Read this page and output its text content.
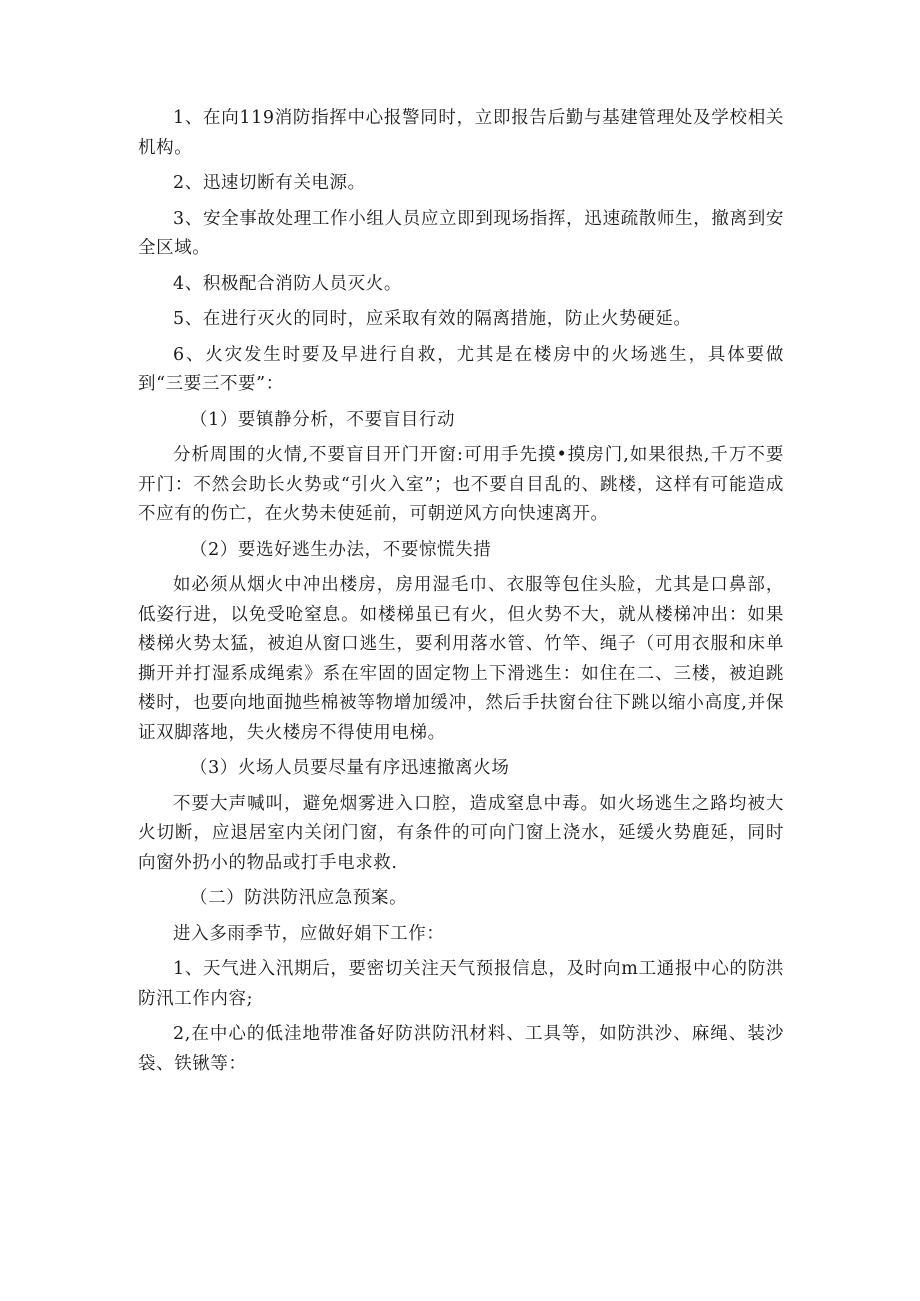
1、在向119消防指挥中心报警同时，立即报告后勤与基建管理处及学校相关机构。

2、迅速切断有关电源。

3、安全事故处理工作小组人员应立即到现场指挥，迅速疏散师生，撤离到安全区域。

4、积极配合消防人员灭火。

5、在进行灭火的同时，应采取有效的隔离措施，防止火势硬延。

6、火灾发生时要及早进行自救，尤其是在楼房中的火场逃生，具体要做到“三要三不要”：

（1）要镇静分析，不要盲目行动

分析周围的火情,不要盲目开门开窗:可用手先摸•摸房门,如果很热,千万不要开门：不然会助长火势或“引火入室”；也不要自目乱的、跳楼，这样有可能造成不应有的伤亡，在火势未使延前，可朝逆风方向快速离开。

（2）要选好逃生办法，不要惊慌失措

如必须从烟火中冲出楼房，房用湿毛巾、衣服等包住头脸，尤其是口鼻部，低姿行进，以免受呛窒息。如楼梯虽已有火，但火势不大，就从楼梯冲出：如果楼梯火势太猛，被迫从窗口逃生，要利用落水管、竹竿、绳子（可用衣服和床单撕开并打湿系成绳索》系在牢固的固定物上下滑逃生：如住在二、三楼，被迫跳楼时，也要向地面抛些棉被等物增加缓冲，然后手扶窗台往下跳以缩小高度,并保证双脚落地，失火楼房不得使用电梯。

（3）火场人员要尽量有序迅速撤离火场

不要大声喊叫，避免烟雾进入口腔，造成窒息中毒。如火场逃生之路均被大火切断，应退居室内关闭门窗，有条件的可向门窗上浇水，延缓火势鹿延，同时向窗外扔小的物品或打手电求救.

（二）防洪防汛应急预案。

进入多雨季节，应做好娟下工作：

1、天气进入汛期后，要密切关注天气预报信息，及时向m工通报中心的防洪防汛工作内容;

2,在中心的低洼地带准备好防洪防汛材料、工具等，如防洪沙、麻绳、装沙袋、铁锹等：
